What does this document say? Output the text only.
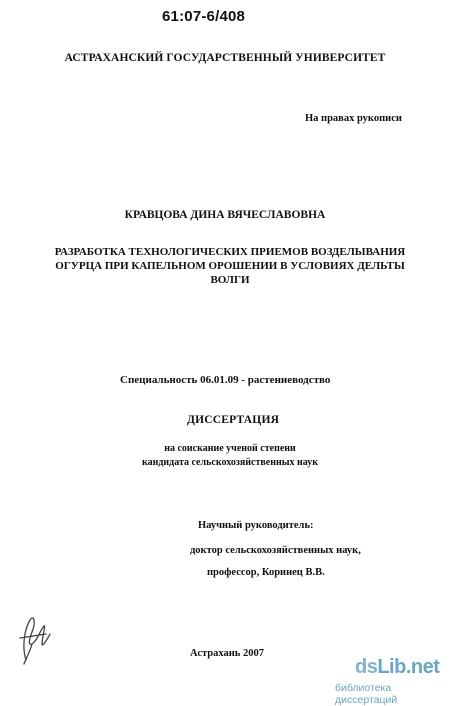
61:07-6/408
АСТРАХАНСКИЙ ГОСУДАРСТВЕННЫЙ УНИВЕРСИТЕТ
На правах рукописи
КРАВЦОВА ДИНА ВЯЧЕСЛАВОВНА
РАЗРАБОТКА ТЕХНОЛОГИЧЕСКИХ ПРИЕМОВ ВОЗДЕЛЫВАНИЯ
ОГУРЦА ПРИ КАПЕЛЬНОМ ОРОШЕНИИ В УСЛОВИЯХ ДЕЛЬТЫ
ВОЛГИ
Специальность 06.01.09 - растениеводство
ДИССЕРТАЦИЯ
на соискание ученой степени
кандидата сельскохозяйственных наук
Научный руководитель:
доктор сельскохозяйственных наук,
профессор, Коринец В.В.
Астрахань 2007
dsLib.net
библиотека диссертаций
